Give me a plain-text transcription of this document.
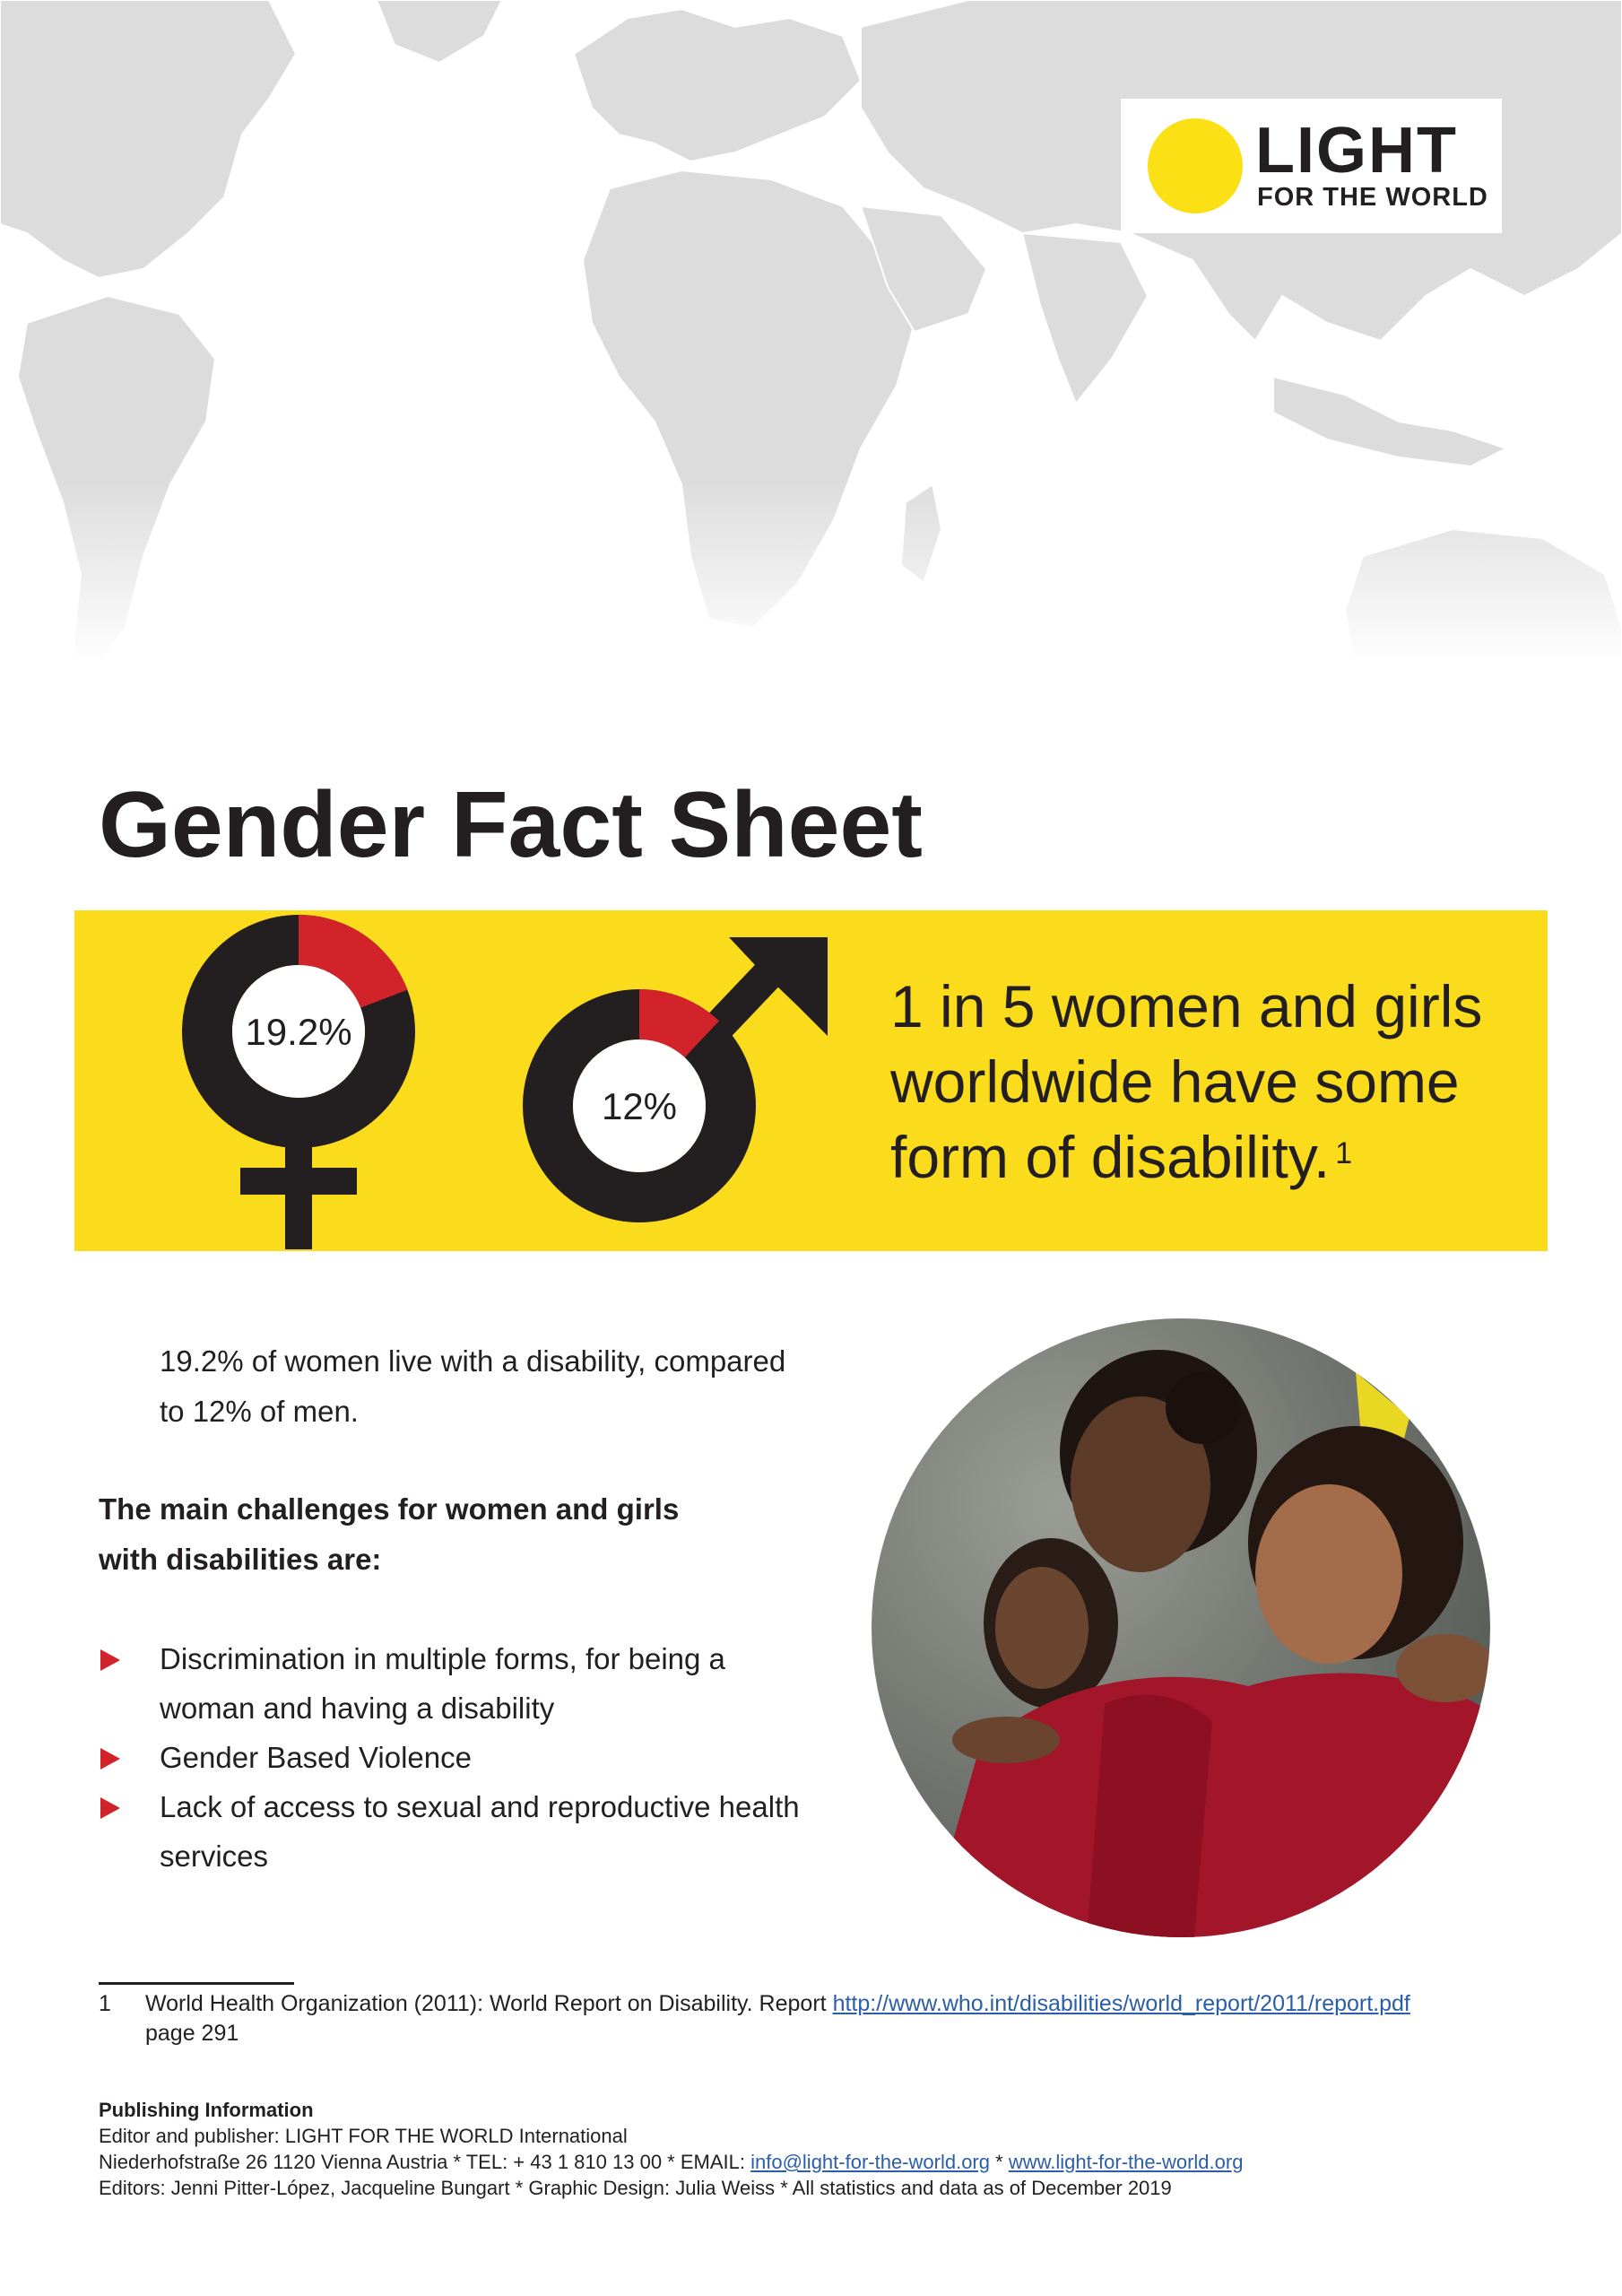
LIGHT
FOR THE WORLD
Gender Fact Sheet
19.2%
12%
1 in 5 women and girls worldwide have some form of disability. $^1$
19.2% of women live with a disability, compared to 12% of men.
The main challenges for women and girls with disabilities are:
Discrimination in multiple forms, for being a woman and having a disability
Gender Based Violence
Lack of access to sexual and reproductive health services
1 World Health Organization (2011): World Report on Disability. Report http://www.who.int/disabilities/world_report/2011/report.pdf
page 291
Publishing Information
Editor and publisher: LIGHT FOR THE WORLD International
Niederhofstraße 26 1120 Vienna Austria * TEL: + 43 1 810 13 00 * EMAIL: info@light-for-the-world.org * www.light-for-the-world.org
Editors: Jenni Pitter-López, Jacqueline Bungart * Graphic Design: Julia Weiss * All statistics and data as of December 2019
